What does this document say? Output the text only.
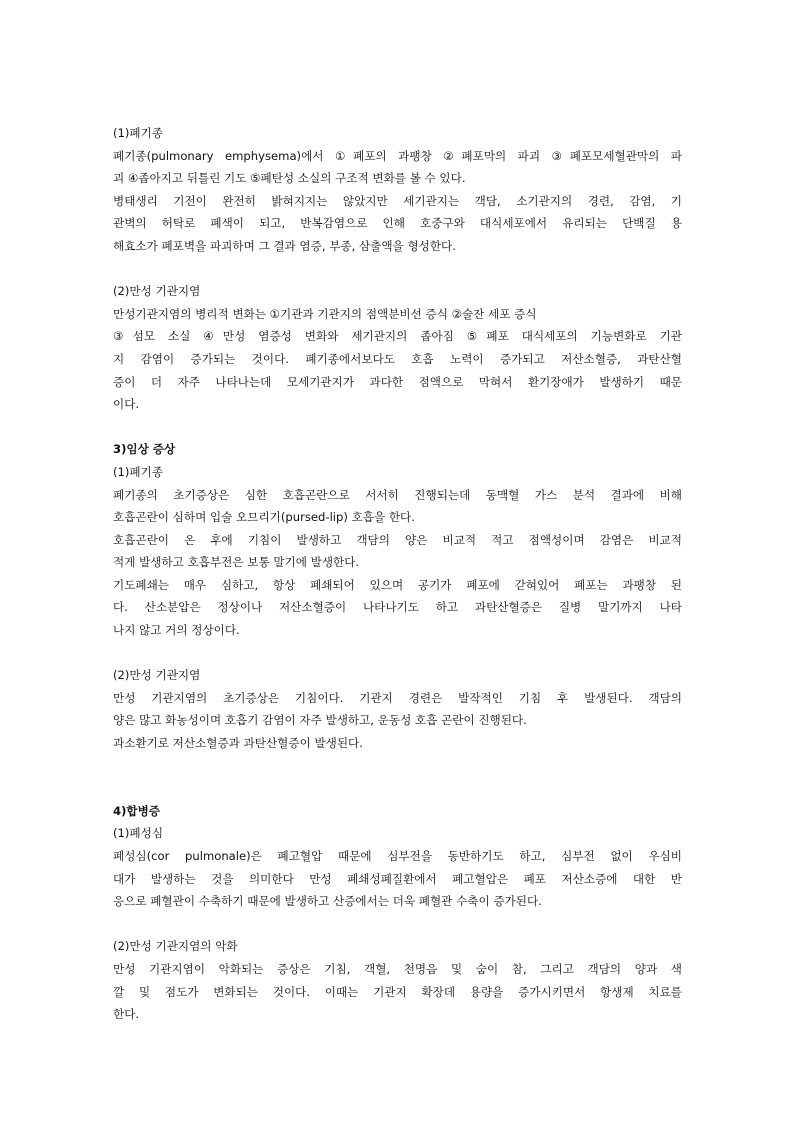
(1)폐기종
폐기종(pulmonary emphysema)에서 ①폐포의 과팽창 ②폐포막의 파괴 ③폐포모세혈관막의 파
괴 ④좁아지고 뒤틀린 기도 ⑤폐탄성 소실의 구조적 변화를 볼 수 있다.
병태생리 기전이 완전히 밝혀지지는 않았지만 세기관지는 객담, 소기관지의 경련, 감염, 기
관벽의 허탁로 폐색이 되고, 반복감염으로 인해 호중구와 대식세포에서 유리되는 단백질 용
해효소가 폐포벽을 파괴하며 그 결과 염증, 부종, 삼출액을 형성한다.
(2)만성 기관지염
만성기관지염의 병리적 변화는 ①기관과 기관지의 점액분비선 증식 ②술잔 세포 증식
③섬모 소실 ④만성 염증성 변화와 세기관지의 좁아짐 ⑤폐포 대식세포의 기능변화로 기관
지 감염이 증가되는 것이다. 폐기종에서보다도 호흡 노력이 증가되고 저산소혈증, 과탄산혈
증이 더 자주 나타나는데 모세기관지가 과다한 점액으로 막혀서 환기장애가 발생하기 때문
이다.
3)임상 증상
(1)폐기종
폐기종의 초기증상은 심한 호흡곤란으로 서서히 진행되는데 동맥혈 가스 분석 결과에 비해
호흡곤란이 심하며 입술 오므리기(pursed-lip) 호흡을 한다.
호흡곤란이 온 후에 기침이 발생하고 객담의 양은 비교적 적고 점액성이며 감염은 비교적
적게 발생하고 호흡부전은 보통 말기에 발생한다.
기도폐쇄는 매우 심하고, 항상 폐쇄되어 있으며 공기가 폐포에 갇혀있어 폐포는 과팽창 된
다. 산소분압은 정상이나 저산소혈증이 나타나기도 하고 과탄산혈증은 질병 말기까지 나타
나지 않고 거의 정상이다.
(2)만성 기관지염
만성 기관지염의 초기증상은 기침이다. 기관지 경련은 발작적인 기침 후 발생된다. 객담의
양은 많고 화농성이며 호흡기 감염이 자주 발생하고, 운동성 호흡 곤란이 진행된다.
과소환기로 저산소혈증과 과탄산혈증이 발생된다.
4)합병증
(1)폐성심
폐성심(cor pulmonale)은 폐고혈압 때문에 심부전을 동반하기도 하고, 심부전 없이 우심비
대가 발생하는 것을 의미한다 만성 폐쇄성폐질환에서 폐고혈압은 폐포 저산소증에 대한 반
응으로 폐혈관이 수축하기 때문에 발생하고 산증에서는 더욱 폐혈관 수축이 증가된다.
(2)만성 기관지염의 악화
만성 기관지염이 악화되는 증상은 기침, 객혈, 천명음 및 숨이 참, 그리고 객담의 양과 색
깔 및 점도가 변화되는 것이다. 이때는 기관지 확장데 용량을 증가시키면서 항생제 치료를
한다.
